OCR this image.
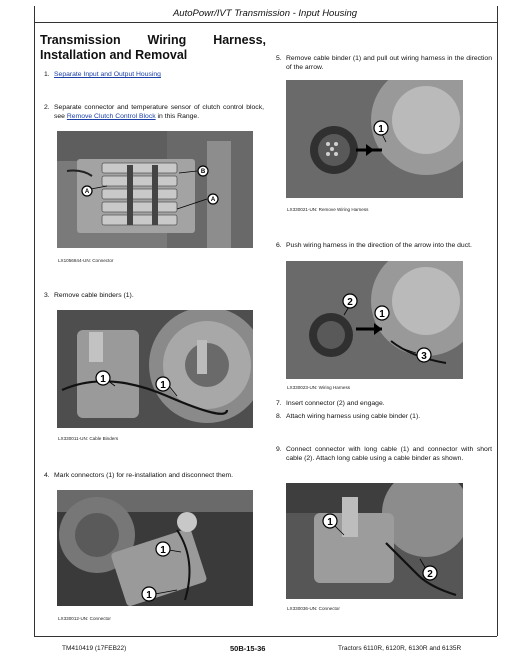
AutoPowr/IVT Transmission - Input Housing
Transmission Wiring Harness, Installation and Removal
1. Separate Input and Output Housing
2. Separate connector and temperature sensor of clutch control block, see Remove Clutch Control Block in this Range.
A
B
A
LX1056844-UN: Connector
3. Remove cable binders (1).
1
1
LX330011-UN: Cable Binders
4. Mark connectors (1) for re-installation and disconnect them.
1
1
LX330012-UN: Connector
5. Remove cable binder (1) and pull out wiring harness in the direction of the arrow.
1
LX330021-UN: Remove Wiring Harness
6. Push wiring harness in the direction of the arrow into the duct.
2
1
3
LX330023-UN: Wiring Harness
7. Insert connector (2) and engage.
8. Attach wiring harness using cable binder (1).
9. Connect connector with long cable (1) and connector with short cable (2). Attach long cable using a cable binder as shown.
1
2
LX330036-UN: Connector
TM410419 (17FEB22)	50B-15-36	Tractors 6110R, 6120R, 6130R and 6135R
